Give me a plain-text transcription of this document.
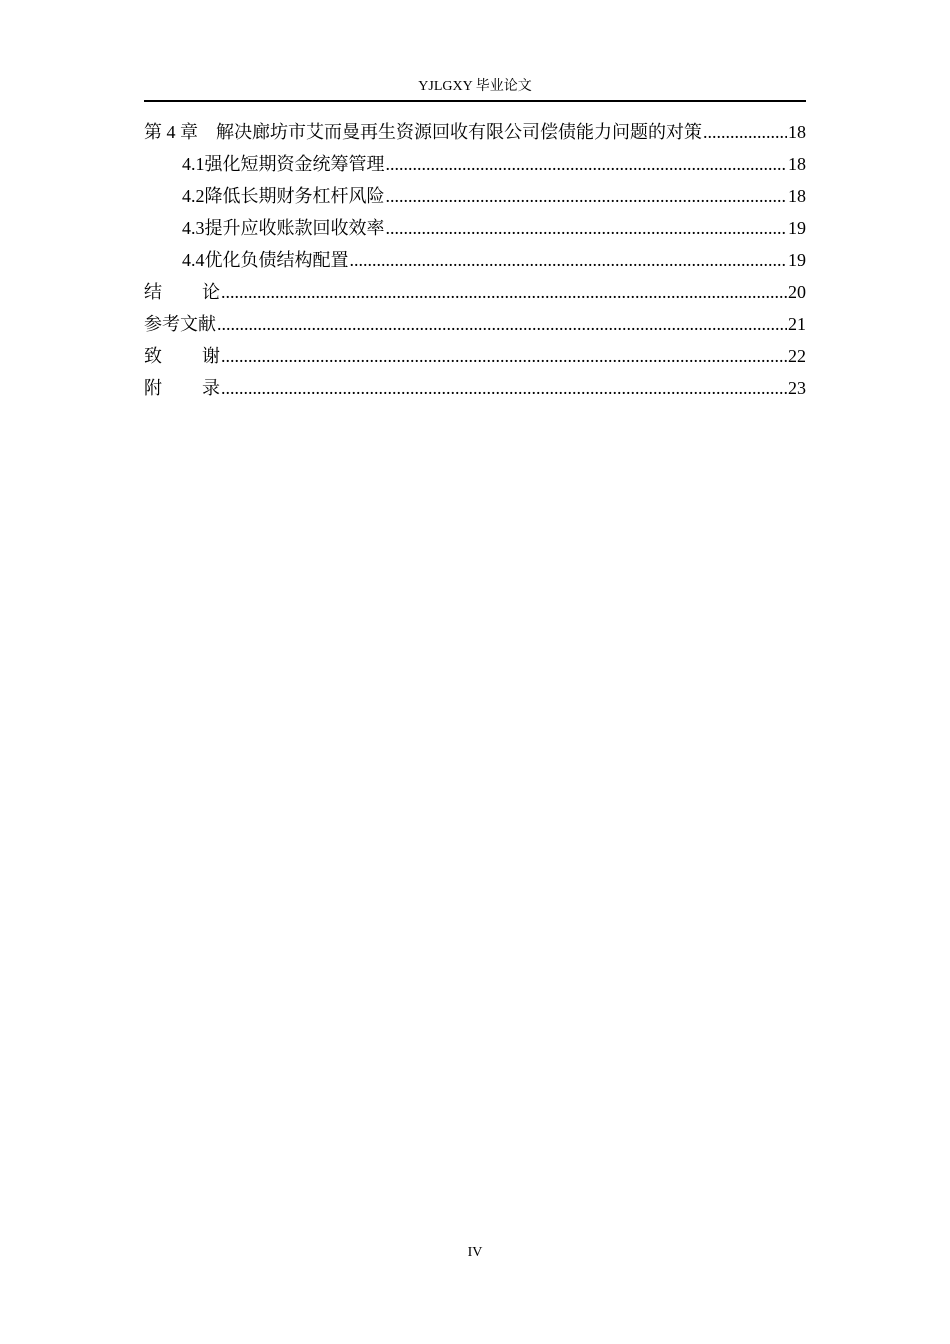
YJLGXY 毕业论文
第 4 章 解决廊坊市艾而曼再生资源回收有限公司偿债能力问题的对策 .....	18
4.1 强化短期资金统筹管理 .....	18
4.2 降低长期财务杠杆风险 .....	18
4.3 提升应收账款回收效率 .....	19
4.4 优化负债结构配置 .....	19
结论 .....	20
参考文献 .....	21
致谢 .....	22
附录 .....	23
IV
